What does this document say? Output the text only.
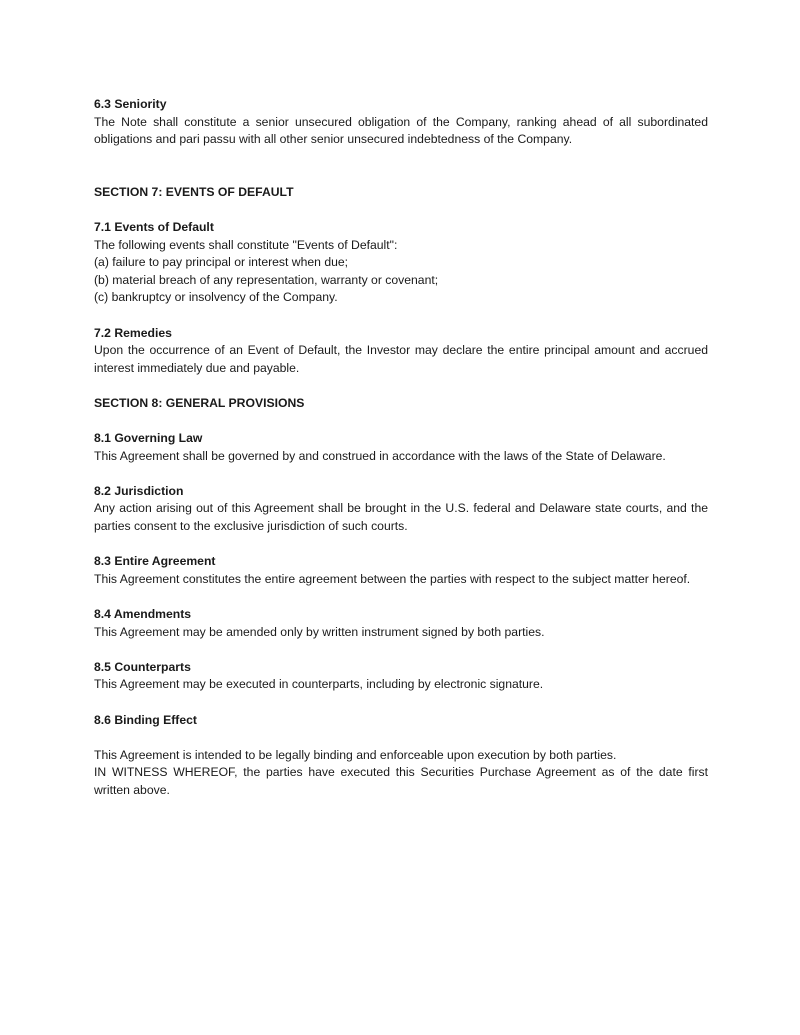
6.3 Seniority
The Note shall constitute a senior unsecured obligation of the Company, ranking ahead of all subordinated obligations and pari passu with all other senior unsecured indebtedness of the Company.
SECTION 7: EVENTS OF DEFAULT
7.1 Events of Default
The following events shall constitute "Events of Default":
(a) failure to pay principal or interest when due;
(b) material breach of any representation, warranty or covenant;
(c) bankruptcy or insolvency of the Company.
7.2 Remedies
Upon the occurrence of an Event of Default, the Investor may declare the entire principal amount and accrued interest immediately due and payable.
SECTION 8: GENERAL PROVISIONS
8.1 Governing Law
This Agreement shall be governed by and construed in accordance with the laws of the State of Delaware.
8.2 Jurisdiction
Any action arising out of this Agreement shall be brought in the U.S. federal and Delaware state courts, and the parties consent to the exclusive jurisdiction of such courts.
8.3 Entire Agreement
This Agreement constitutes the entire agreement between the parties with respect to the subject matter hereof.
8.4 Amendments
This Agreement may be amended only by written instrument signed by both parties.
8.5 Counterparts
This Agreement may be executed in counterparts, including by electronic signature.
8.6 Binding Effect
This Agreement is intended to be legally binding and enforceable upon execution by both parties.
IN WITNESS WHEREOF, the parties have executed this Securities Purchase Agreement as of the date first written above.
